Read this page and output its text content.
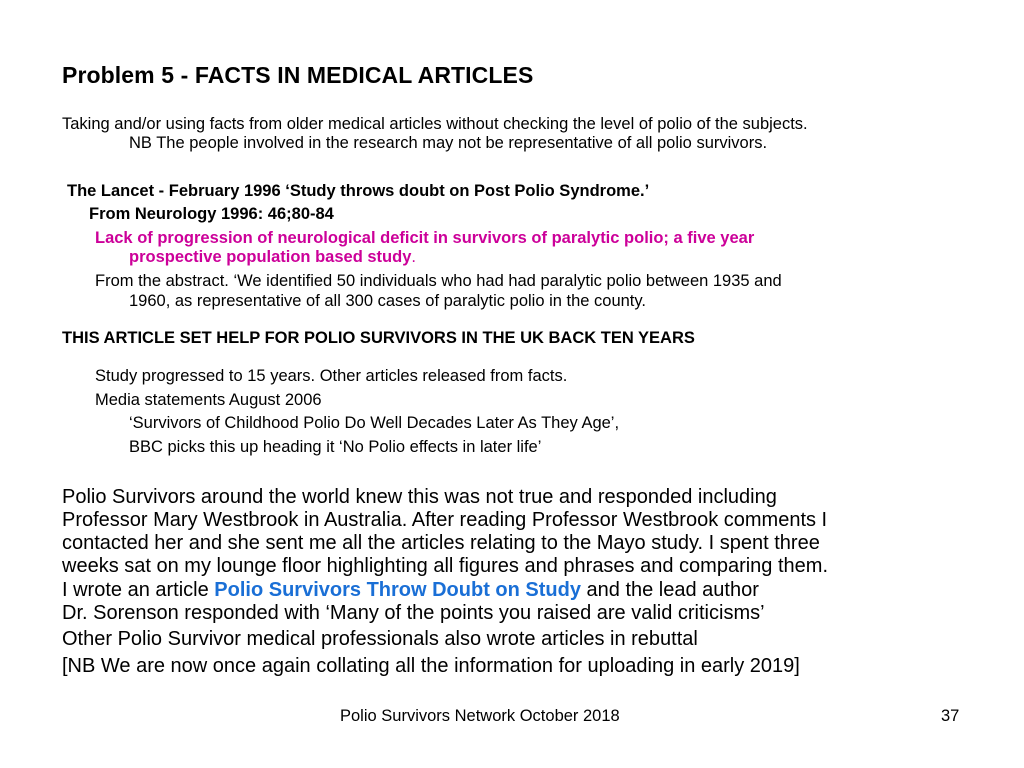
Problem 5 - FACTS IN MEDICAL ARTICLES
Taking and/or using facts from older medical articles without checking the level of polio of the subjects.
NB The people involved in the research may not be representative of all polio survivors.
The Lancet - February 1996 ‘Study throws doubt on Post Polio Syndrome.’
From Neurology 1996: 46;80-84
Lack of progression of neurological deficit in survivors of paralytic polio; a five year
prospective population based study.
From the abstract. ‘We identified 50 individuals who had had paralytic polio between 1935 and
1960, as representative of all 300 cases of paralytic polio in the county.
THIS ARTICLE SET HELP FOR POLIO SURVIVORS IN THE UK BACK TEN YEARS
Study progressed to 15 years. Other articles released from facts.
Media statements August 2006
‘Survivors of Childhood Polio Do Well Decades Later As They Age’,
BBC picks this up heading it ‘No Polio effects in later life’
Polio Survivors around the world knew this was not true and responded including
Professor Mary Westbrook in Australia. After reading Professor Westbrook comments I
contacted her and she sent me all the articles relating to the Mayo study. I spent three
weeks sat on my lounge floor highlighting all figures and phrases and comparing them.
I wrote an article Polio Survivors Throw Doubt on Study and the lead author
Dr. Sorenson responded with ‘Many of the points you raised are valid criticisms’
Other Polio Survivor medical professionals also wrote articles in rebuttal
[NB We are now once again collating all the information for uploading in early 2019]
Polio Survivors Network October 2018	37
